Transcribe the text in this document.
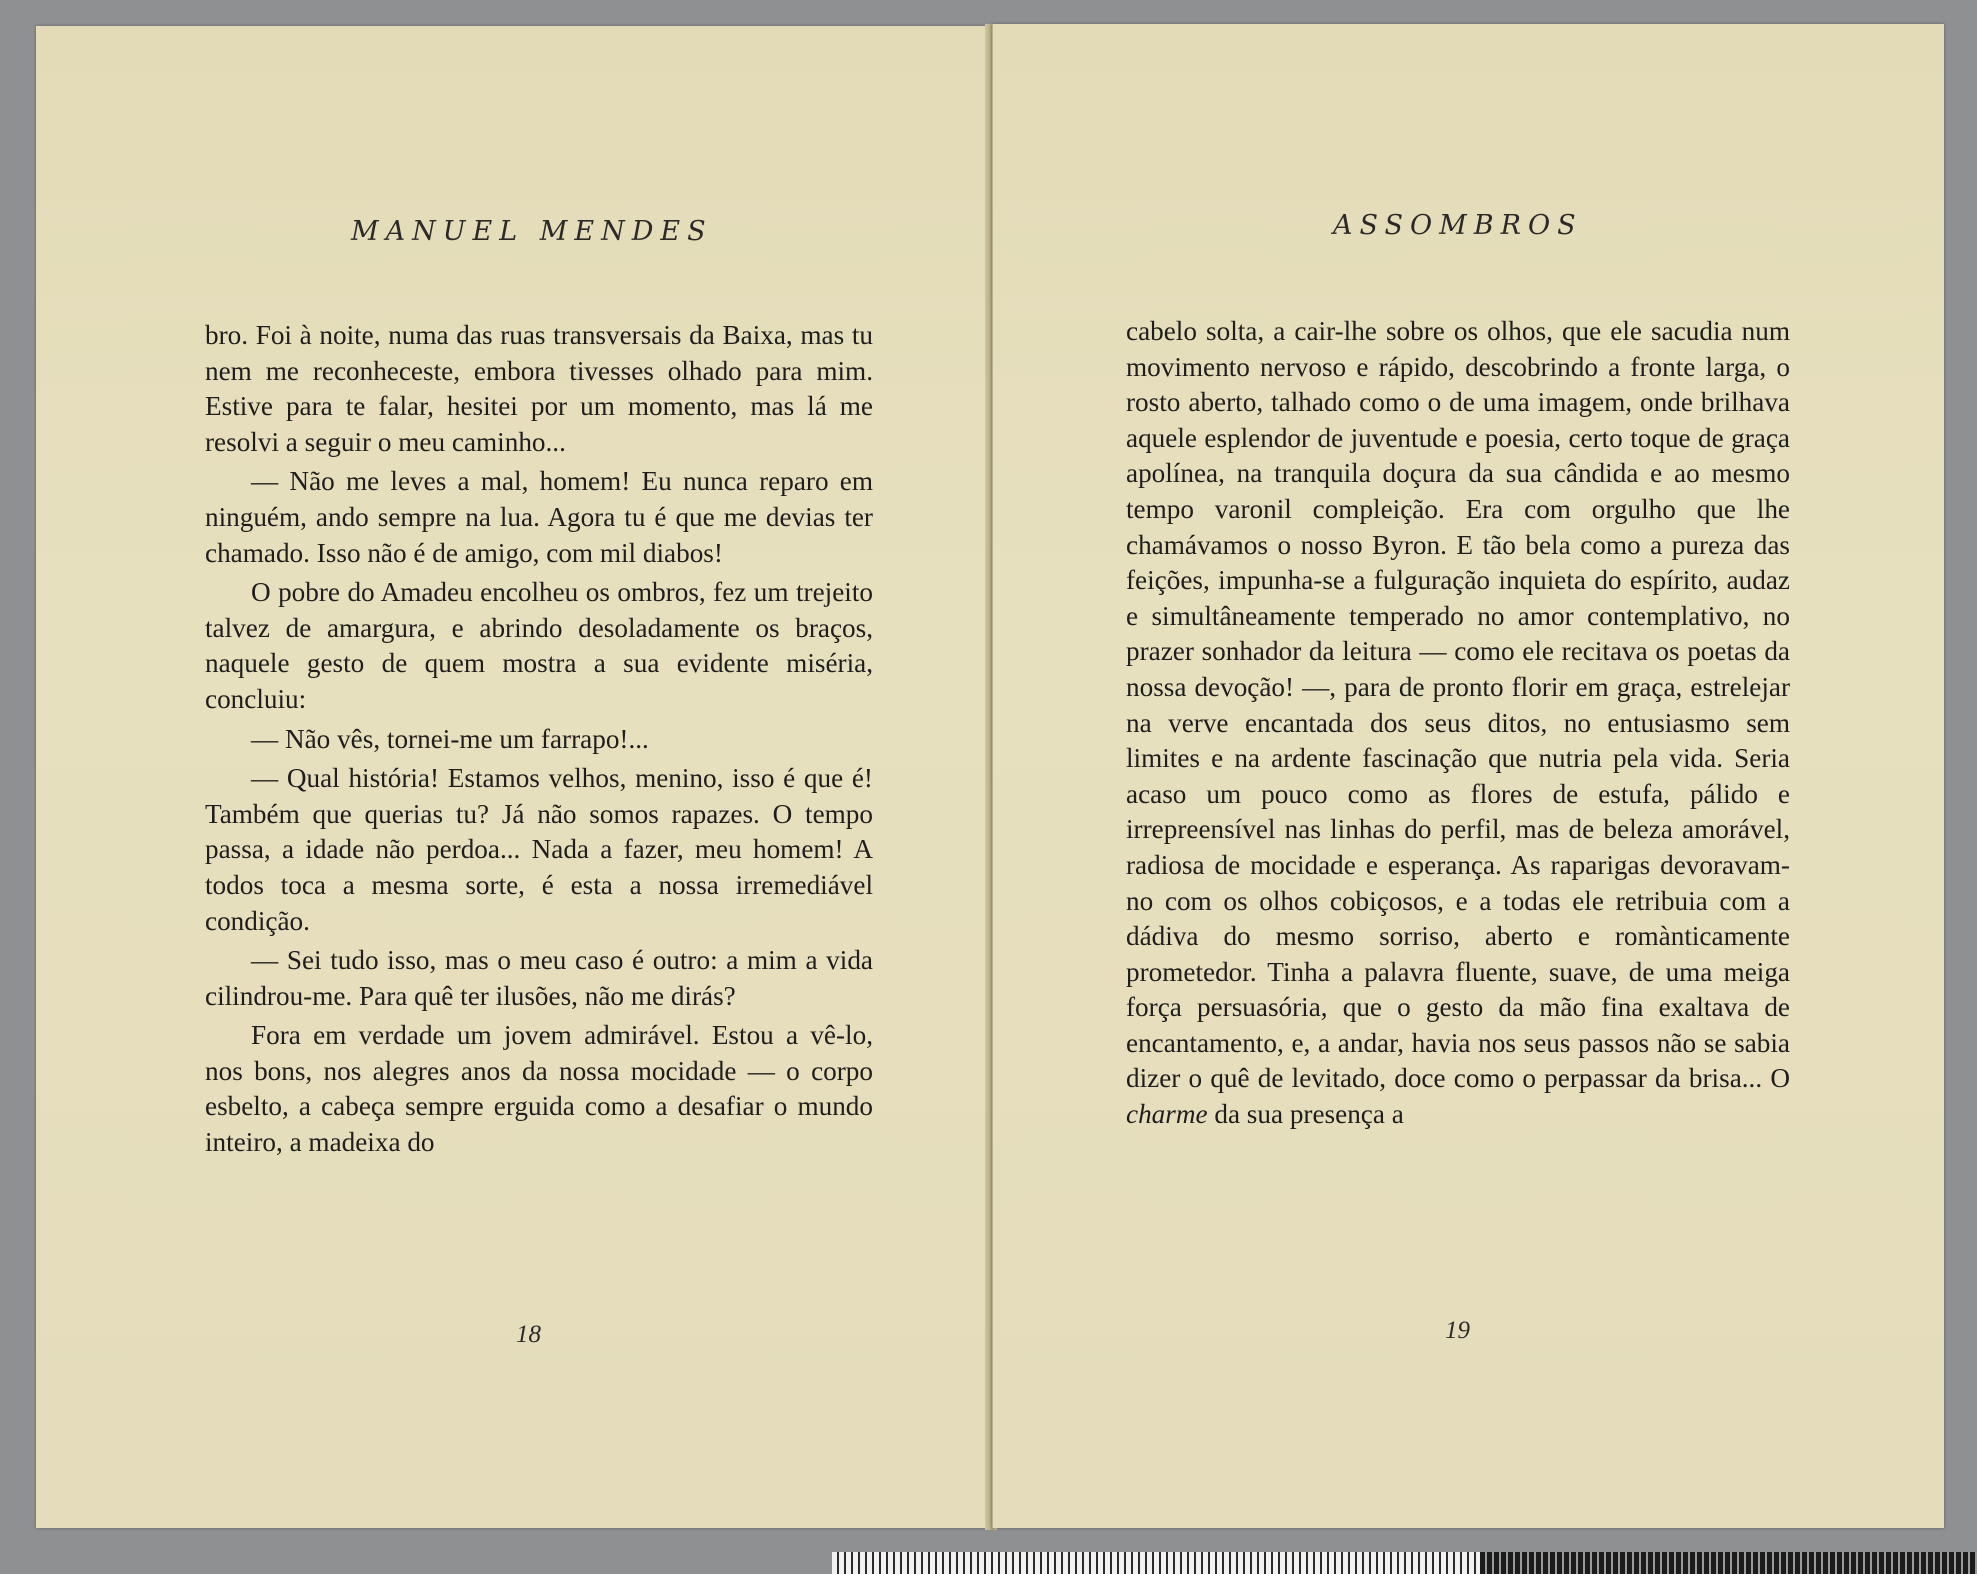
MANUEL MENDES

bro. Foi à noite, numa das ruas transversais da Baixa, mas tu nem me reconheceste, embora tivesses olhado para mim. Estive para te falar, hesitei por um momento, mas lá me resolvi a seguir o meu caminho...

— Não me leves a mal, homem! Eu nunca reparo em ninguém, ando sempre na lua. Agora tu é que me devias ter chamado. Isso não é de amigo, com mil diabos!

O pobre do Amadeu encolheu os ombros, fez um trejeito talvez de amargura, e abrindo desoladamente os braços, naquele gesto de quem mostra a sua evidente miséria, concluiu:

— Não vês, tornei-me um farrapo!...

— Qual história! Estamos velhos, menino, isso é que é! Também que querias tu? Já não somos rapazes. O tempo passa, a idade não perdoa... Nada a fazer, meu homem! A todos toca a mesma sorte, é esta a nossa irremediável condição.

— Sei tudo isso, mas o meu caso é outro: a mim a vida cilindrou-me. Para quê ter ilusões, não me dirás?

Fora em verdade um jovem admirável. Estou a vê-lo, nos bons, nos alegres anos da nossa mocidade — o corpo esbelto, a cabeça sempre erguida como a desafiar o mundo inteiro, a madeixa do

18
ASSOMBROS

cabelo solta, a cair-lhe sobre os olhos, que ele sacudia num movimento nervoso e rápido, descobrindo a fronte larga, o rosto aberto, talhado como o de uma imagem, onde brilhava aquele esplendor de juventude e poesia, certo toque de graça apolínea, na tranquila doçura da sua cândida e ao mesmo tempo varonil compleição. Era com orgulho que lhe chamávamos o nosso Byron. E tão bela como a pureza das feições, impunha-se a fulguração inquieta do espírito, audaz e simultâneamente temperado no amor contemplativo, no prazer sonhador da leitura — como ele recitava os poetas da nossa devoção! —, para de pronto florir em graça, estrelejar na verve encantada dos seus ditos, no entusiasmo sem limites e na ardente fascinação que nutria pela vida. Seria acaso um pouco como as flores de estufa, pálido e irrepreensível nas linhas do perfil, mas de beleza amorável, radiosa de mocidade e esperança. As raparigas devoravam-no com os olhos cobiçosos, e a todas ele retribuia com a dádiva do mesmo sorriso, aberto e romànticamente prometedor. Tinha a palavra fluente, suave, de uma meiga força persuasória, que o gesto da mão fina exaltava de encantamento, e, a andar, havia nos seus passos não se sabia dizer o quê de levitado, doce como o perpassar da brisa... O charme da sua presença a

19
